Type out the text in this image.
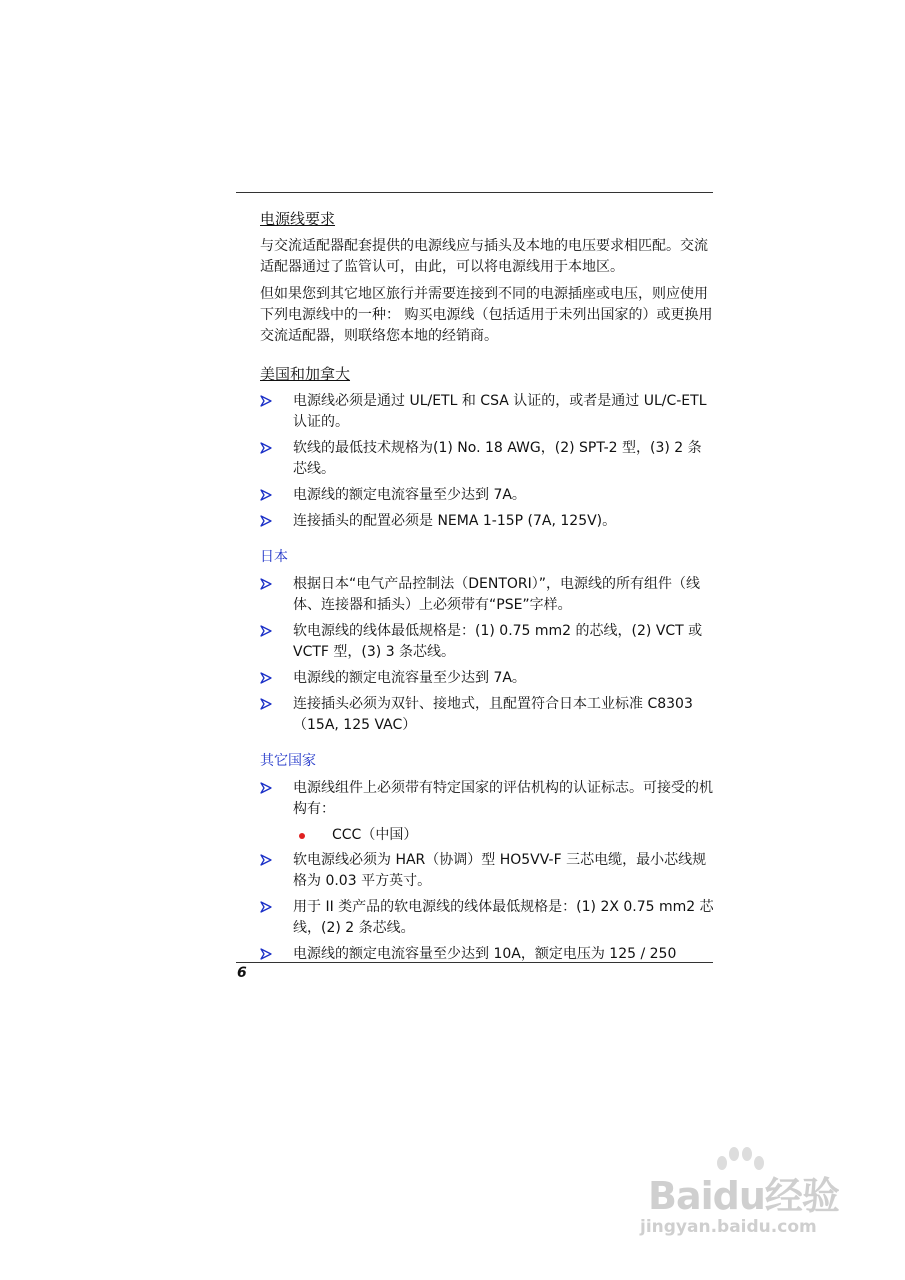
电源线要求

与交流适配器配套提供的电源线应与插头及本地的电压要求相匹配。交流适配器通过了监管认可，由此，可以将电源线用于本地区。

但如果您到其它地区旅行并需要连接到不同的电源插座或电压，则应使用下列电源线中的一种： 购买电源线（包括适用于未列出国家的）或更换用交流适配器，则联络您本地的经销商。

美国和加拿大
电源线必须是通过 UL/ETL 和 CSA 认证的，或者是通过 UL/C-ETL 认证的。
软线的最低技术规格为(1) No. 18 AWG，(2) SPT-2 型，(3) 2 条芯线。
电源线的额定电流容量至少达到 7A。
连接插头的配置必须是 NEMA 1-15P (7A, 125V)。
日本
根据日本“电气产品控制法（DENTORI）”，电源线的所有组件（线体、连接器和插头）上必须带有“PSE”字样。
软电源线的线体最低规格是：(1) 0.75 mm2 的芯线，(2) VCT 或 VCTF 型，(3) 3 条芯线。
电源线的额定电流容量至少达到 7A。
连接插头必须为双针、接地式，且配置符合日本工业标准 C8303（15A, 125 VAC）
其它国家
电源线组件上必须带有特定国家的评估机构的认证标志。可接受的机构有：
CCC（中国）
软电源线必须为 HAR（协调）型 HO5VV-F 三芯电缆，最小芯线规格为 0.03 平方英寸。
用于 II 类产品的软电源线的线体最低规格是：(1) 2X 0.75 mm2 芯线，(2) 2 条芯线。
电源线的额定电流容量至少达到 10A，额定电压为 125 / 250
6
Baidu经验
jingyan.baidu.com
